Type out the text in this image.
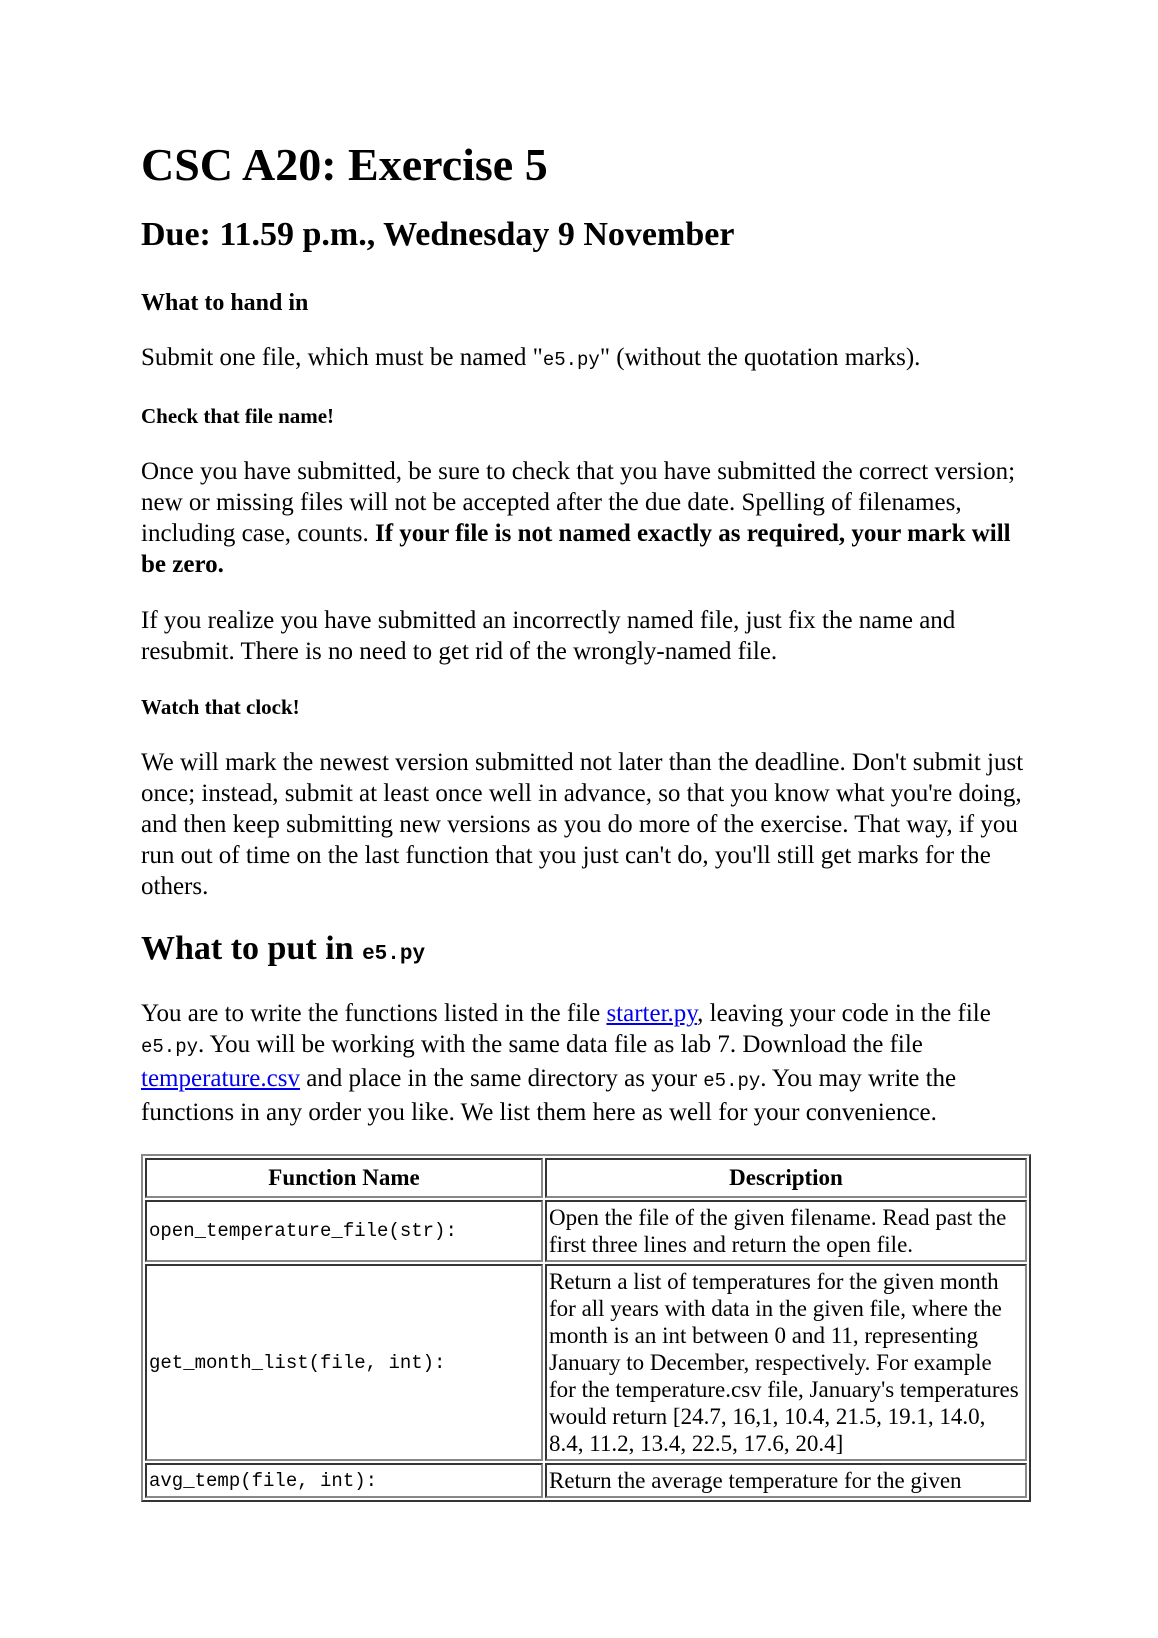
CSC A20: Exercise 5
Due: 11.59 p.m., Wednesday 9 November
What to hand in

Submit one file, which must be named "e5.py" (without the quotation marks).

Check that file name!

Once you have submitted, be sure to check that you have submitted the correct version; new or missing files will not be accepted after the due date. Spelling of filenames, including case, counts. If your file is not named exactly as required, your mark will be zero.

If you realize you have submitted an incorrectly named file, just fix the name and resubmit. There is no need to get rid of the wrongly-named file.

Watch that clock!

We will mark the newest version submitted not later than the deadline. Don't submit just once; instead, submit at least once well in advance, so that you know what you're doing, and then keep submitting new versions as you do more of the exercise. That way, if you run out of time on the last function that you just can't do, you'll still get marks for the others.

What to put in e5.py

You are to write the functions listed in the file starter.py, leaving your code in the file e5.py. You will be working with the same data file as lab 7. Download the file temperature.csv and place in the same directory as your e5.py. You may write the functions in any order you like. We list them here as well for your convenience.

Function Name	Description
open_temperature_file(str):	Open the file of the given filename. Read past the first three lines and return the open file.
get_month_list(file, int):	Return a list of temperatures for the given month for all years with data in the given file, where the month is an int between 0 and 11, representing January to December, respectively. For example for the temperature.csv file, January's temperatures would return [24.7, 16,1, 10.4, 21.5, 19.1, 14.0, 8.4, 11.2, 13.4, 22.5, 17.6, 20.4]
avg_temp(file, int):	Return the average temperature for the given
